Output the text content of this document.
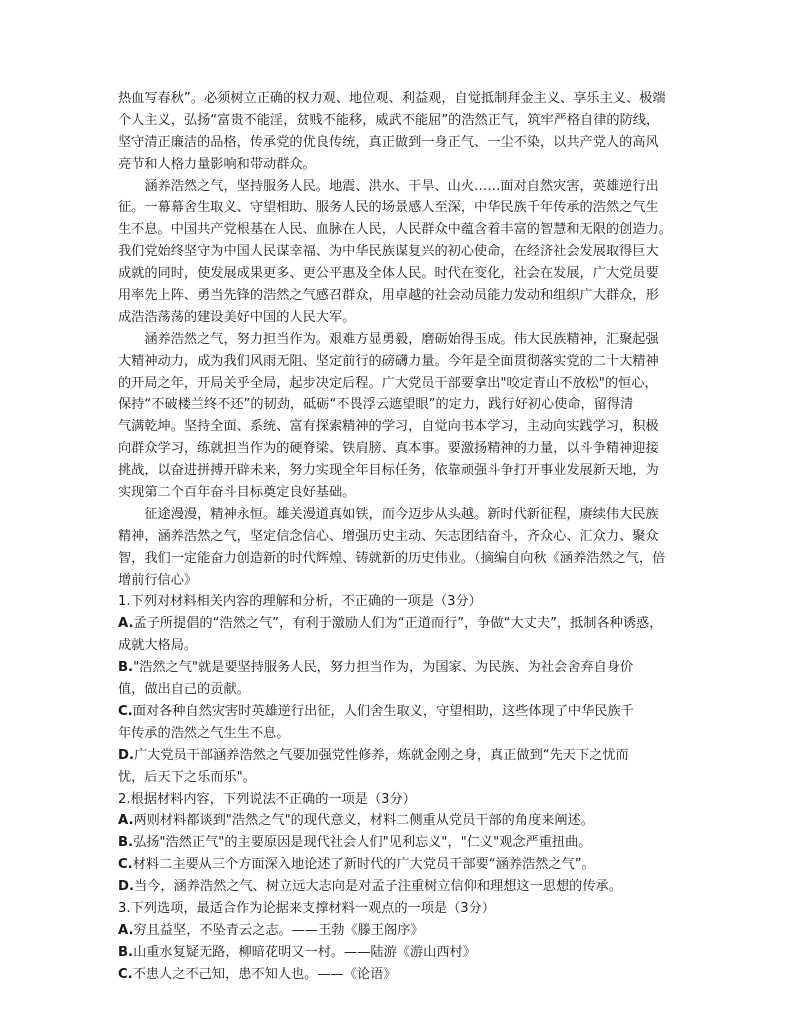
热血写春秋”。必须树立正确的权力观、地位观、利益观，自觉抵制拜金主义、享乐主义、极端
个人主义，弘扬“富贵不能淫，贫贱不能移，威武不能屈”的浩然正气，筑牢严格自律的防线，
坚守清正廉洁的品格，传承党的优良传统，真正做到一身正气、一尘不染，以共产党人的高风
亮节和人格力量影响和带动群众。
　　涵养浩然之气，坚持服务人民。地震、洪水、干旱、山火……面对自然灾害，英雄逆行出
征。一幕幕舍生取义、守望相助、服务人民的场景感人至深，中华民族千年传承的浩然之气生
生不息。中国共产党根基在人民、血脉在人民，人民群众中蕴含着丰富的智慧和无限的创造力。
我们党始终坚守为中国人民谋幸福、为中华民族谋复兴的初心使命，在经济社会发展取得巨大
成就的同时，使发展成果更多、更公平惠及全体人民。时代在变化，社会在发展，广大党员要
用率先上阵、勇当先锋的浩然之气感召群众，用卓越的社会动员能力发动和组织广大群众，形
成浩浩荡荡的建设美好中国的人民大军。
　　涵养浩然之气，努力担当作为。艰难方显勇毅，磨砺始得玉成。伟大民族精神，汇聚起强
大精神动力，成为我们风雨无阻、坚定前行的磅礴力量。今年是全面贯彻落实党的二十大精神
的开局之年，开局关乎全局，起步决定后程。广大党员干部要拿出"咬定青山不放松"的恒心，
保持“不破楼兰终不还”的韧劲，砥砺“不畏浮云遮望眼”的定力，践行好初心使命，留得清
气满乾坤。坚持全面、系统、富有探索精神的学习，自觉向书本学习，主动向实践学习，积极
向群众学习，练就担当作为的硬脊梁、铁肩膀、真本事。要激扬精神的力量，以斗争精神迎接
挑战，以奋进拼搏开辟未来，努力实现全年目标任务，依靠顽强斗争打开事业发展新天地，为
实现第二个百年奋斗目标奠定良好基础。
　　征途漫漫，精神永恒。雄关漫道真如铁，而今迈步从头越。新时代新征程，赓续伟大民族
精神，涵养浩然之气，坚定信念信心、增强历史主动、矢志团结奋斗，齐众心、汇众力、聚众
智，我们一定能奋力创造新的时代辉煌、铸就新的历史伟业。（摘编自向秋《涵养浩然之气，倍
增前行信心》
1.下列对材料相关内容的理解和分析，不正确的一项是（3分）
A.孟子所提倡的“浩然之气”，有利于激励人们为“正道而行”，争做“大丈夫”，抵制各种诱惑，
成就大格局。
B."浩然之气"就是要坚持服务人民，努力担当作为，为国家、为民族、为社会舍弃自身价
值，做出自己的贡献。
C.面对各种自然灾害时英雄逆行出征，人们舍生取义，守望相助，这些体现了中华民族千
年传承的浩然之气生生不息。
D.广大党员干部涵养浩然之气要加强党性修养，炼就金刚之身，真正做到“先天下之忧而
忧，后天下之乐而乐"。
2.根据材料内容，下列说法不正确的一项是（3分）
A.两则材料都谈到"浩然之气"的现代意义，材料二侧重从党员干部的角度来阐述。
B.弘扬"浩然正气"的主要原因是现代社会人们"见利忘义"，"仁义"观念严重扭曲。
C.材料二主要从三个方面深入地论述了新时代的广大党员干部要“涵养浩然之气”。
D.当今，涵养浩然之气、树立远大志向是对孟子注重树立信仰和理想这一思想的传承。
3.下列选项，最适合作为论据来支撑材料一观点的一项是（3分）
A.穷且益坚，不坠青云之志。——王勃《滕王阁序》
B.山重水复疑无路，柳暗花明又一村。——陆游《游山西村》
C.不患人之不己知，患不知人也。——《论语》
